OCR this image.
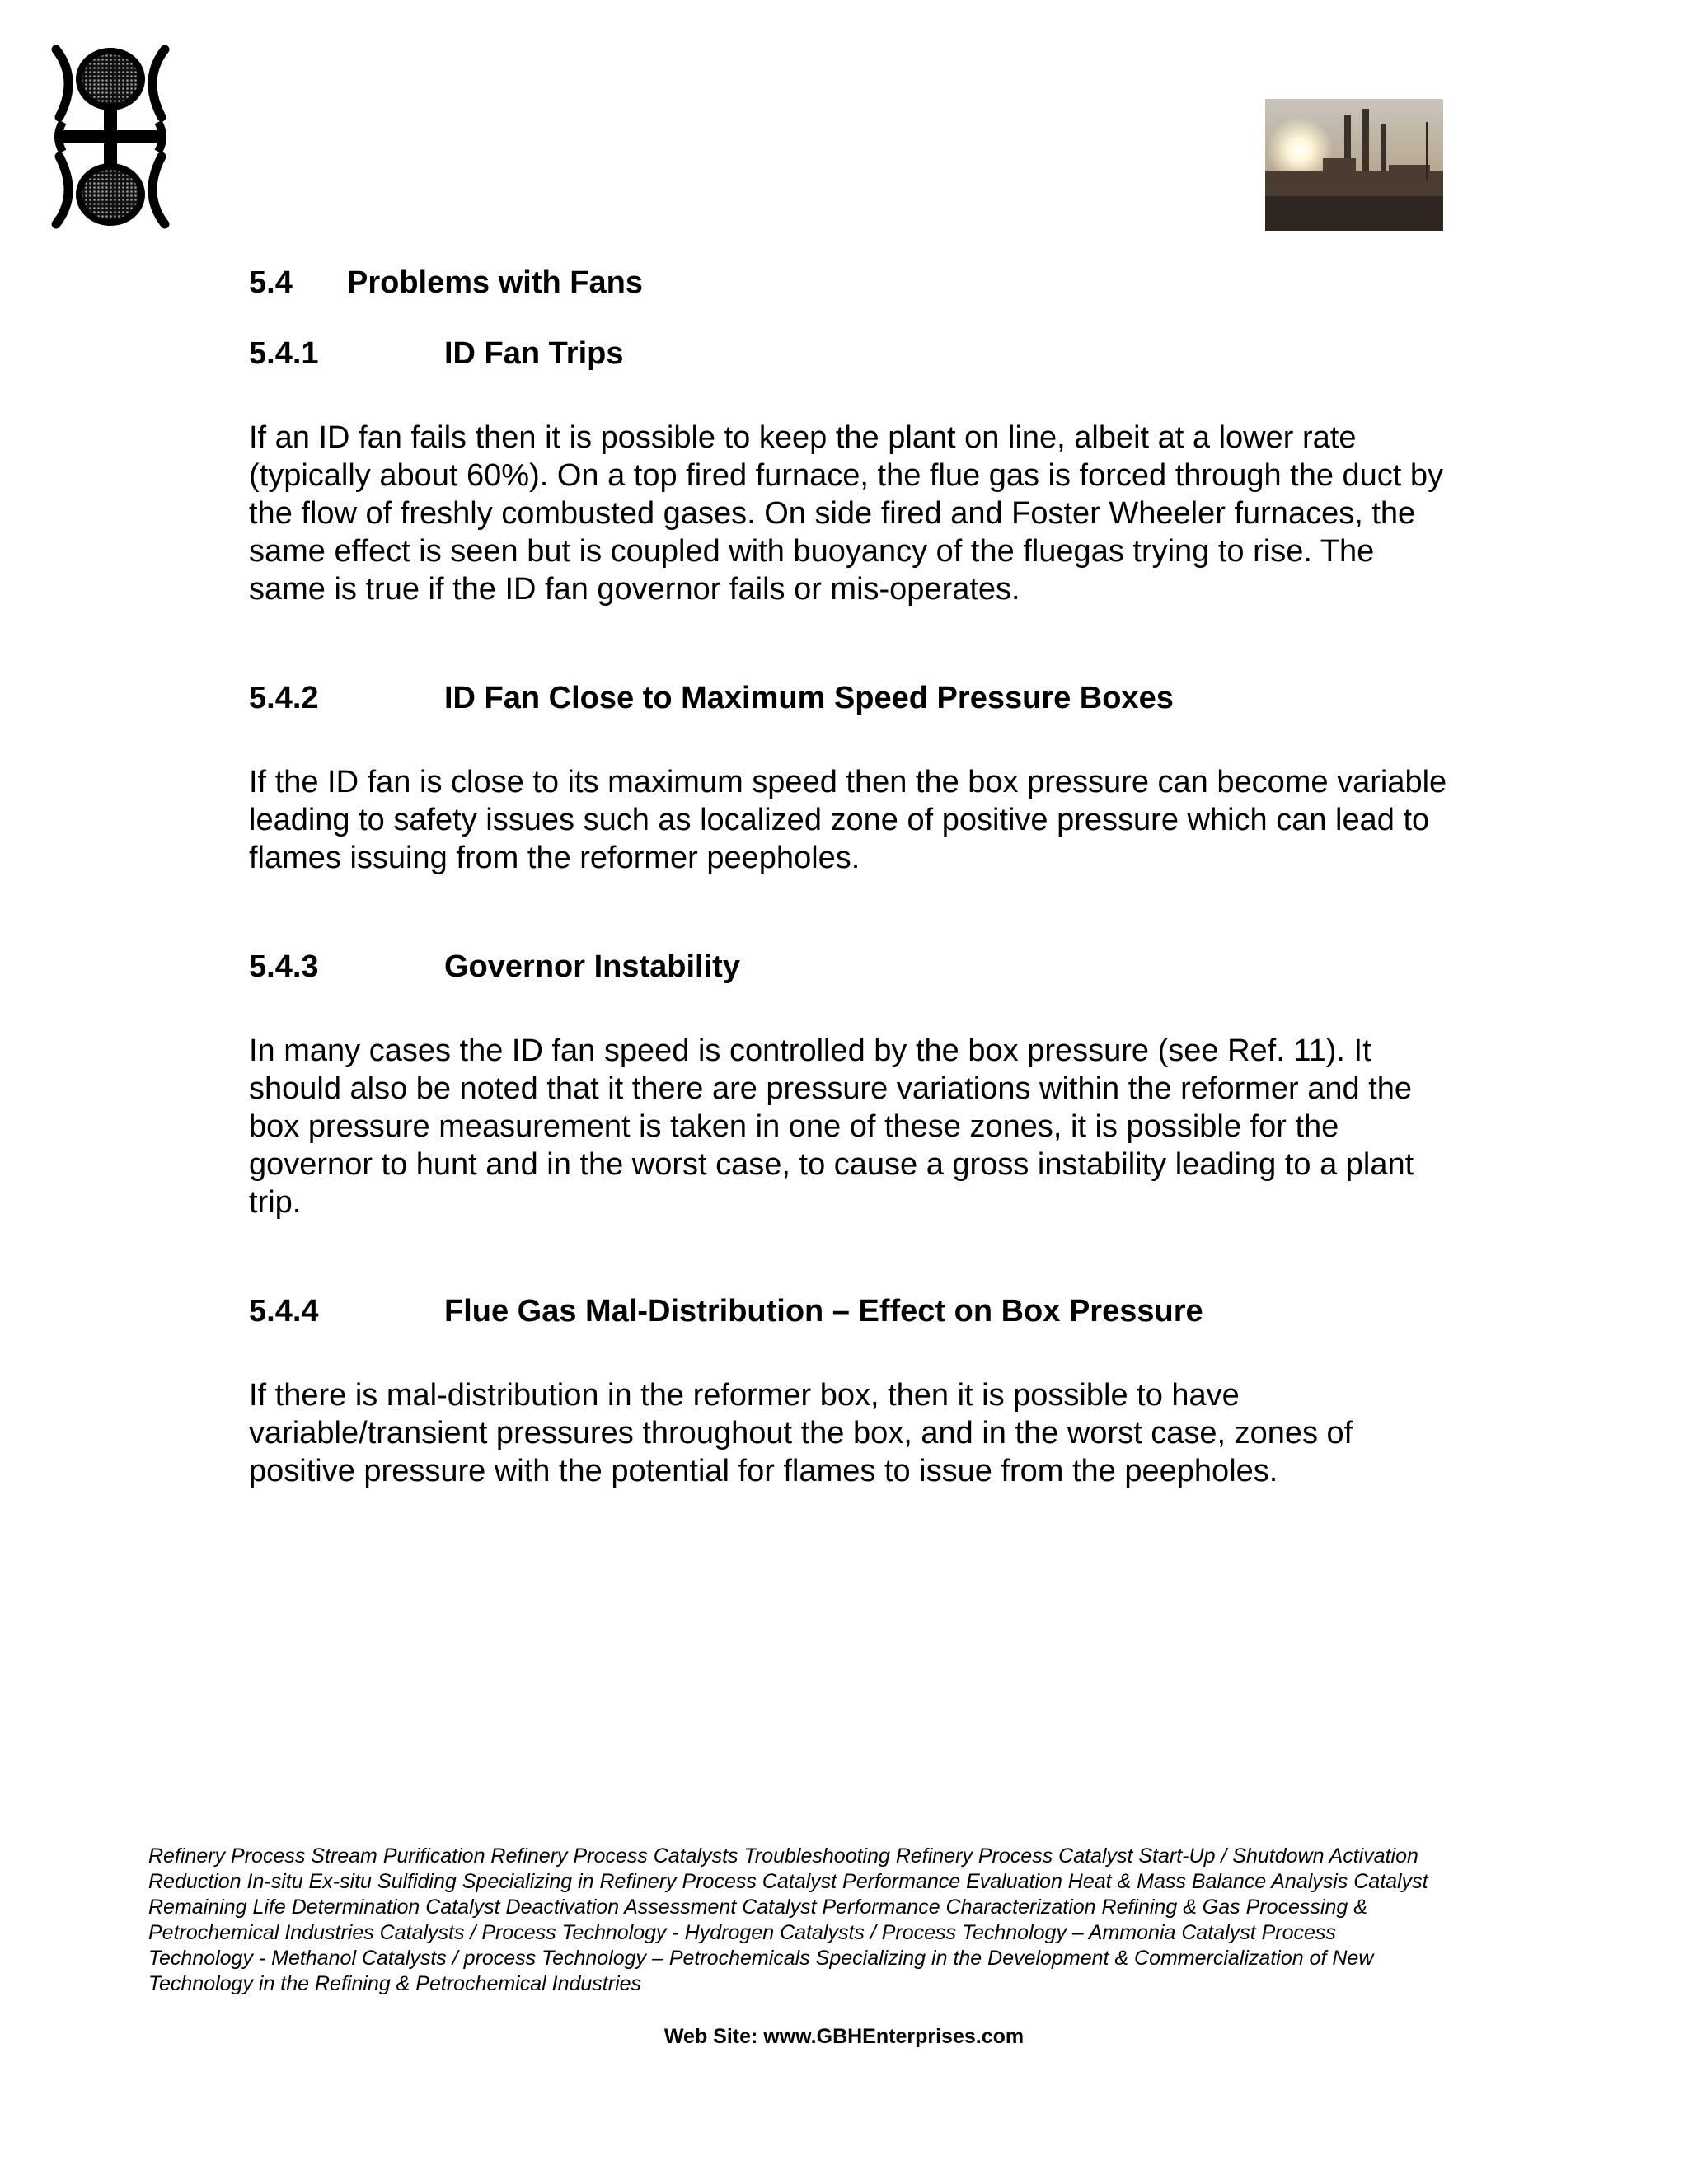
5.4 Problems with Fans

5.4.1	ID Fan Trips

If an ID fan fails then it is possible to keep the plant on line, albeit at a lower rate (typically about 60%). On a top fired furnace, the flue gas is forced through the duct by the flow of freshly combusted gases. On side fired and Foster Wheeler furnaces, the same effect is seen but is coupled with buoyancy of the fluegas trying to rise. The same is true if the ID fan governor fails or mis-operates.

5.4.2	ID Fan Close to Maximum Speed Pressure Boxes

If the ID fan is close to its maximum speed then the box pressure can become variable leading to safety issues such as localized zone of positive pressure which can lead to flames issuing from the reformer peepholes.

5.4.3	Governor Instability

In many cases the ID fan speed is controlled by the box pressure (see Ref. 11). It should also be noted that it there are pressure variations within the reformer and the box pressure measurement is taken in one of these zones, it is possible for the governor to hunt and in the worst case, to cause a gross instability leading to a plant trip.

5.4.4	Flue Gas Mal-Distribution – Effect on Box Pressure

If there is mal-distribution in the reformer box, then it is possible to have variable/transient pressures throughout the box, and in the worst case, zones of positive pressure with the potential for flames to issue from the peepholes.

Refinery Process Stream Purification Refinery Process Catalysts Troubleshooting Refinery Process Catalyst Start-Up / Shutdown Activation Reduction In-situ Ex-situ Sulfiding Specializing in Refinery Process Catalyst Performance Evaluation Heat & Mass Balance Analysis Catalyst Remaining Life Determination Catalyst Deactivation Assessment Catalyst Performance Characterization Refining & Gas Processing & Petrochemical Industries Catalysts / Process Technology - Hydrogen Catalysts / Process Technology – Ammonia Catalyst Process Technology - Methanol Catalysts / process Technology – Petrochemicals Specializing in the Development & Commercialization of New Technology in the Refining & Petrochemical Industries

Web Site: www.GBHEnterprises.com
